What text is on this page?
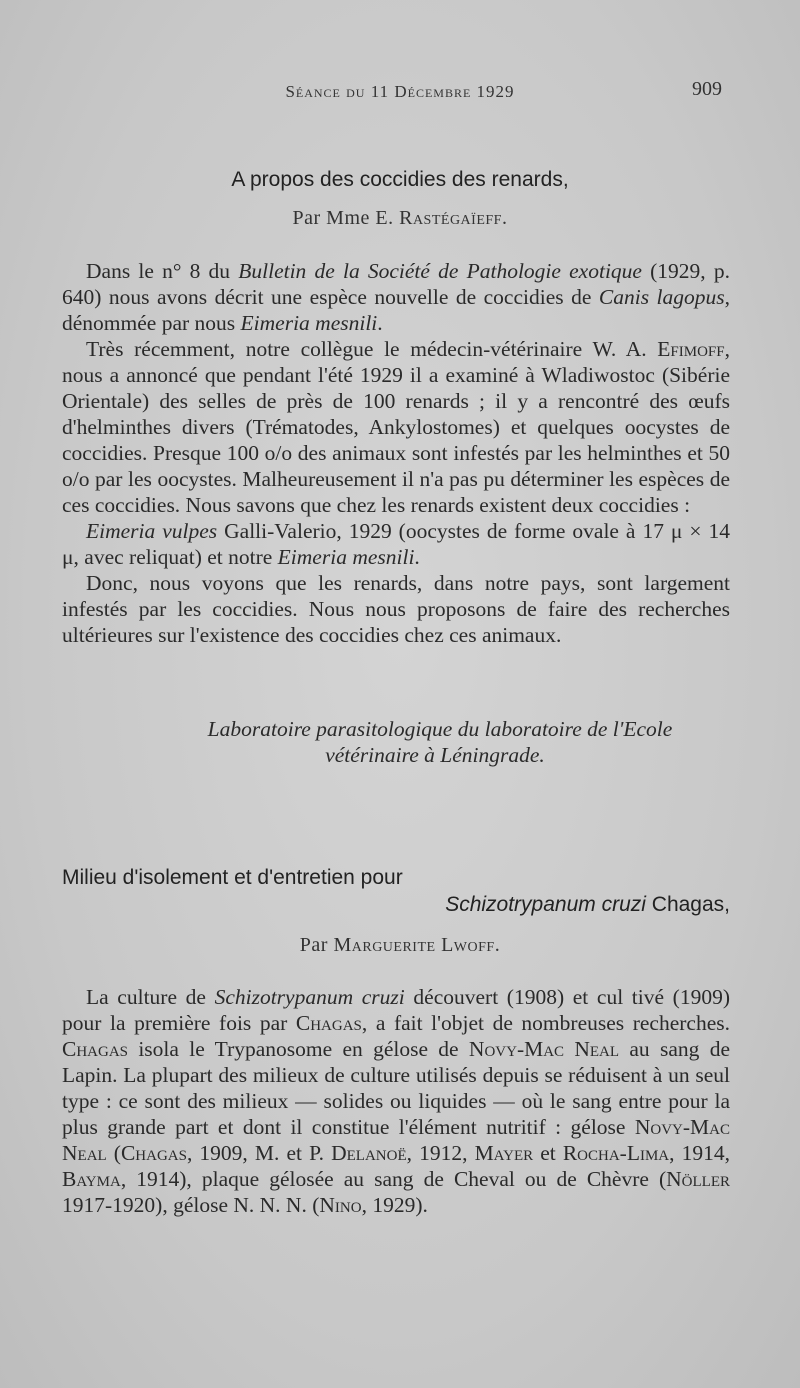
Séance du 11 Décembre 1929	909
A propos des coccidies des renards,
Par Mme E. Rastégaïeff.

Dans le n° 8 du Bulletin de la Société de Pathologie exotique (1929, p. 640) nous avons décrit une espèce nouvelle de coccidies de Canis lagopus, dénommée par nous Eimeria mesnili.

Très récemment, notre collègue le médecin-vétérinaire W. A. Efimoff, nous a annoncé que pendant l'été 1929 il a examiné à Wladiwostoc (Sibérie Orientale) des selles de près de 100 renards ; il y a rencontré des œufs d'helminthes divers (Trématodes, Ankylostomes) et quelques oocystes de coccidies. Presque 100 o/o des animaux sont infestés par les helminthes et 50 o/o par les oocystes. Malheureusement il n'a pas pu déterminer les espèces de ces coccidies. Nous savons que chez les renards existent deux coccidies :

Eimeria vulpes Galli-Valerio, 1929 (oocystes de forme ovale à 17 μ × 14 μ, avec reliquat) et notre Eimeria mesnili.

Donc, nous voyons que les renards, dans notre pays, sont largement infestés par les coccidies. Nous nous proposons de faire des recherches ultérieures sur l'existence des coccidies chez ces animaux.

Laboratoire parasitologique du laboratoire de l'Ecole
vétérinaire à Léningrade.
Milieu d'isolement et d'entretien pour
Schizotrypanum cruzi Chagas,
Par Marguerite Lwoff.

La culture de Schizotrypanum cruzi découvert (1908) et cul tivé (1909) pour la première fois par Chagas, a fait l'objet de nombreuses recherches. Chagas isola le Trypanosome en gélose de Novy-Mac Neal au sang de Lapin. La plupart des milieux de culture utilisés depuis se réduisent à un seul type : ce sont des milieux — solides ou liquides — où le sang entre pour la plus grande part et dont il constitue l'élément nutritif : gélose Novy-Mac Neal (Chagas, 1909, M. et P. Delanoë, 1912, Mayer et Rocha-Lima, 1914, Bayma, 1914), plaque gélosée au sang de Cheval ou de Chèvre (Nöller 1917-1920), gélose N. N. N. (Nino, 1929).
